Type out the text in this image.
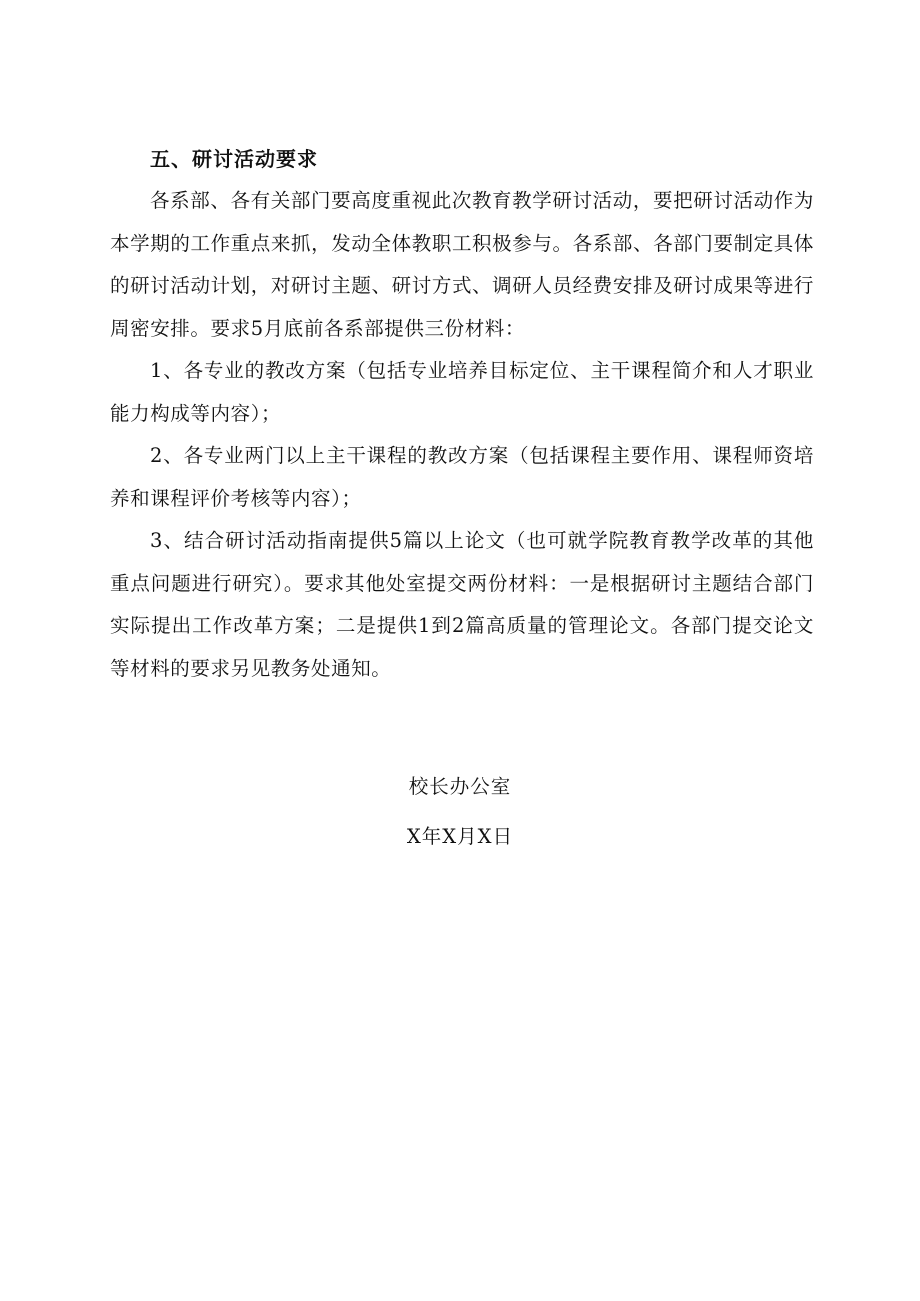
五、研讨活动要求

各系部、各有关部门要高度重视此次教育教学研讨活动，要把研讨活动作为本学期的工作重点来抓，发动全体教职工积极参与。各系部、各部门要制定具体的研讨活动计划，对研讨主题、研讨方式、调研人员经费安排及研讨成果等进行周密安排。要求5月底前各系部提供三份材料：

1、各专业的教改方案（包括专业培养目标定位、主干课程简介和人才职业能力构成等内容）；

2、各专业两门以上主干课程的教改方案（包括课程主要作用、课程师资培养和课程评价考核等内容）；

3、结合研讨活动指南提供5篇以上论文（也可就学院教育教学改革的其他重点问题进行研究）。要求其他处室提交两份材料：一是根据研讨主题结合部门实际提出工作改革方案；二是提供1到2篇高质量的管理论文。各部门提交论文等材料的要求另见教务处通知。

校长办公室
X年X月X日
